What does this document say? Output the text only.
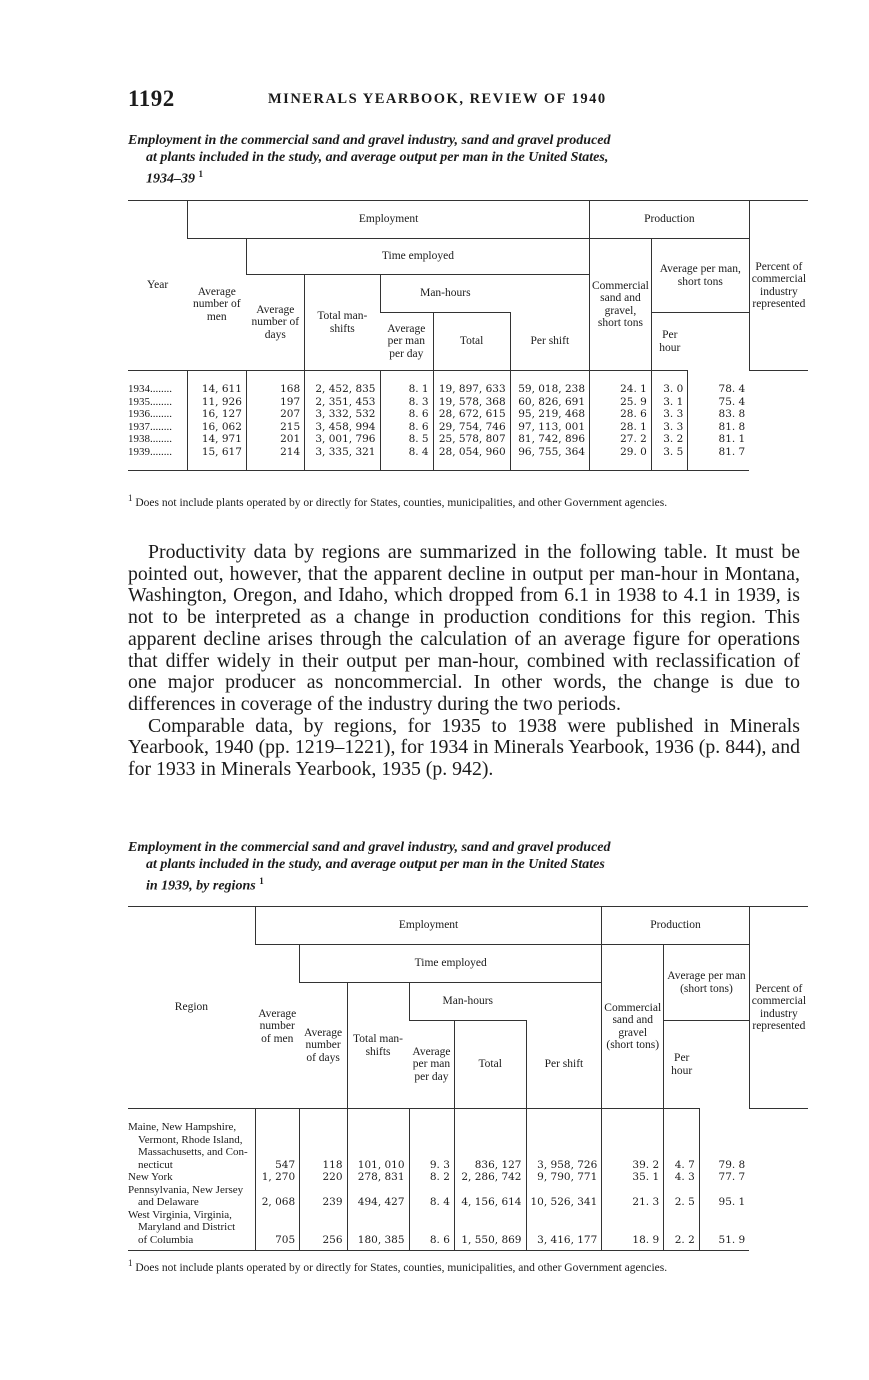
1192	MINERALS YEARBOOK, REVIEW OF 1940
Employment in the commercial sand and gravel industry, sand and gravel produced
at plants included in the study, and average output per man in the United States,
1934–39 $^1$
Year	Employment						Production			Percent of commercial industry represented
	Average number of men	Time employed					Commercial sand and gravel, short tons	Average per man, short tons		
		Average number of days	Total man-shifts	Man-hours						
				Average per man per day	Total	Per shift		Per hour		

1934........	14, 611	168	2, 452, 835	8. 1	19, 897, 633	59, 018, 238	24. 1	3. 0	78. 4	
1935........	11, 926	197	2, 351, 453	8. 3	19, 578, 368	60, 826, 691	25. 9	3. 1	75. 4	
1936........	16, 127	207	3, 332, 532	8. 6	28, 672, 615	95, 219, 468	28. 6	3. 3	83. 8	
1937........	16, 062	215	3, 458, 994	8. 6	29, 754, 746	97, 113, 001	28. 1	3. 3	81. 8	
1938........	14, 971	201	3, 001, 796	8. 5	25, 578, 807	81, 742, 896	27. 2	3. 2	81. 1	
1939........	15, 617	214	3, 335, 321	8. 4	28, 054, 960	96, 755, 364	29. 0	3. 5	81. 7	

$^1$ Does not include plants operated by or directly for States, counties, municipalities, and other Government agencies.

Productivity data by regions are summarized in the following table. It must be pointed out, however, that the apparent decline in output per man-hour in Montana, Washington, Oregon, and Idaho, which dropped from 6.1 in 1938 to 4.1 in 1939, is not to be interpreted as a change in production conditions for this region. This apparent decline arises through the calculation of an average figure for operations that differ widely in their output per man-hour, combined with reclassification of one major producer as noncommercial. In other words, the change is due to differences in coverage of the industry during the two periods.

Comparable data, by regions, for 1935 to 1938 were published in Minerals Yearbook, 1940 (pp. 1219–1221), for 1934 in Minerals Yearbook, 1936 (p. 844), and for 1933 in Minerals Yearbook, 1935 (p. 942).

Employment in the commercial sand and gravel industry, sand and gravel produced
at plants included in the study, and average output per man in the United States
in 1939, by regions $^1$
Region	Employment						Production			Percent of commercial industry represented
	Average number of men	Time employed					Commercial sand and gravel (short tons)	Average per man (short tons)		
		Average number of days	Total man-shifts	Man-hours						
				Average per man per day	Total	Per shift		Per hour		

Maine, New Hampshire,
Vermont, Rhode Island,
Massachusetts, and Con-
necticut	547	118	101, 010	9. 3	836, 127	3, 958, 726	39. 2	4. 7	79. 8	

New York	1, 270	220	278, 831	8. 2	2, 286, 742	9, 790, 771	35. 1	4. 3	77. 7	

Pennsylvania, New Jersey
and Delaware	2, 068	239	494, 427	8. 4	4, 156, 614	10, 526, 341	21. 3	2. 5	95. 1	

West Virginia, Virginia,
Maryland and District
of Columbia	705	256	180, 385	8. 6	1, 550, 869	3, 416, 177	18. 9	2. 2	51. 9	

$^1$ Does not include plants operated by or directly for States, counties, municipalities, and other Government agencies.
